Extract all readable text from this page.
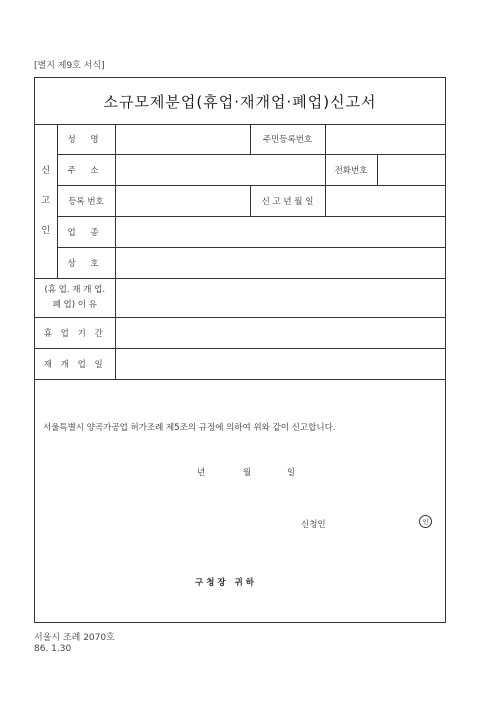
[별지 제9호 서식]
소규모제분업(휴업·재개업·폐업)신고서
신
고
인	성 명		주민등록번호		
	주 소			전화번호	
	등록 번호		신 고 년 월 일		
	업 종				
	상 호				

(휴 업. 재 개 업.
폐 업) 이 유					

휴 업 기 간					
재 개 업 일					
서울특별시 양곡가공업 허가조례 제5조의 규정에 의하여 위와 같이 신고합니다.
년	월	일
신청인	인
구청장 귀하
서울시 조례 2070호
86. 1.30
